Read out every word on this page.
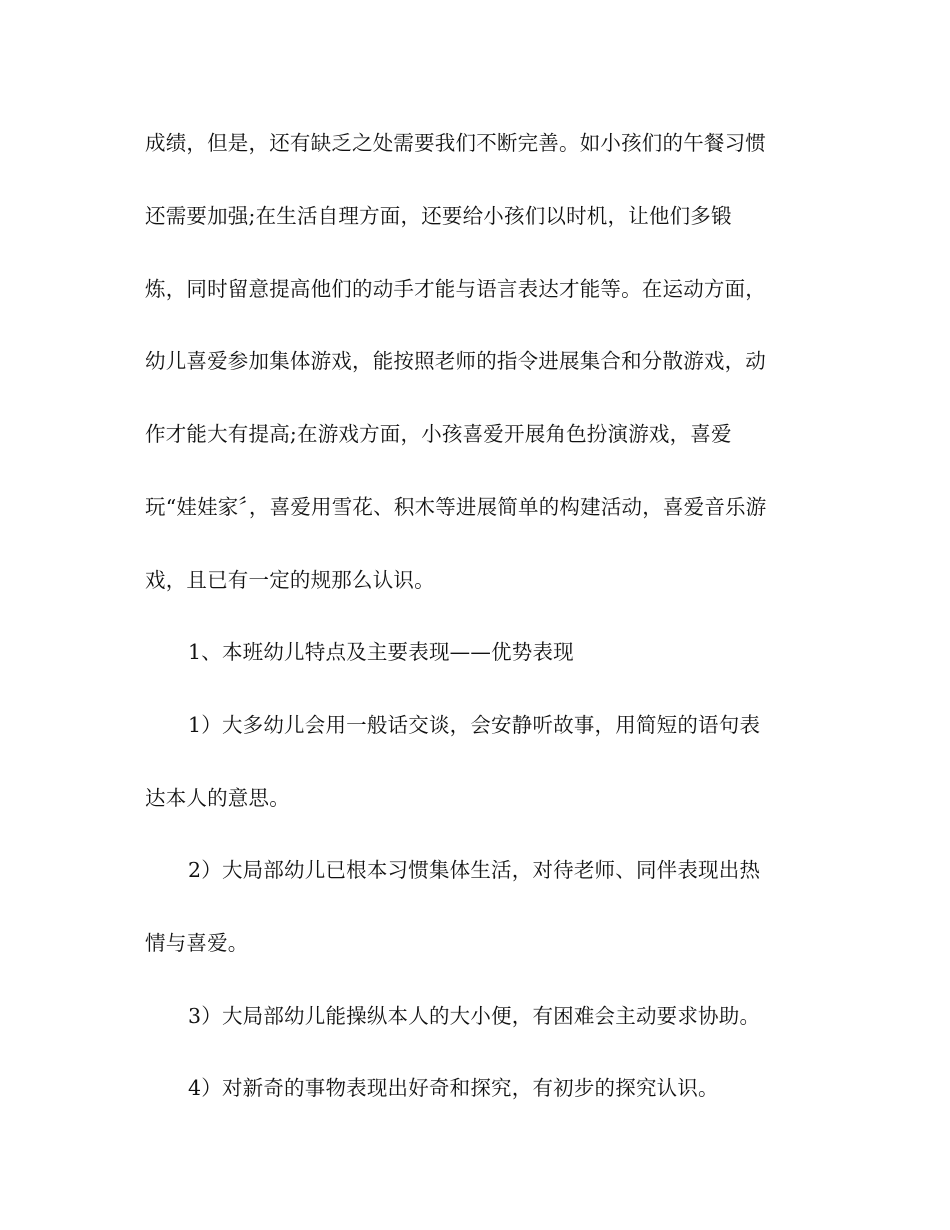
成绩，但是，还有缺乏之处需要我们不断完善。如小孩们的午餐习惯
还需要加强;在生活自理方面，还要给小孩们以时机，让他们多锻
炼，同时留意提高他们的动手才能与语言表达才能等。在运动方面，
幼儿喜爱参加集体游戏，能按照老师的指令进展集合和分散游戏，动
作才能大有提高;在游戏方面，小孩喜爱开展角色扮演游戏，喜爱
玩“娃娃家〞，喜爱用雪花、积木等进展简单的构建活动，喜爱音乐游
戏，且已有一定的规那么认识。
1、本班幼儿特点及主要表现——优势表现
1）大多幼儿会用一般话交谈，会安静听故事，用简短的语句表
达本人的意思。
2）大局部幼儿已根本习惯集体生活，对待老师、同伴表现出热
情与喜爱。
3）大局部幼儿能操纵本人的大小便，有困难会主动要求协助。
4）对新奇的事物表现出好奇和探究，有初步的探究认识。
